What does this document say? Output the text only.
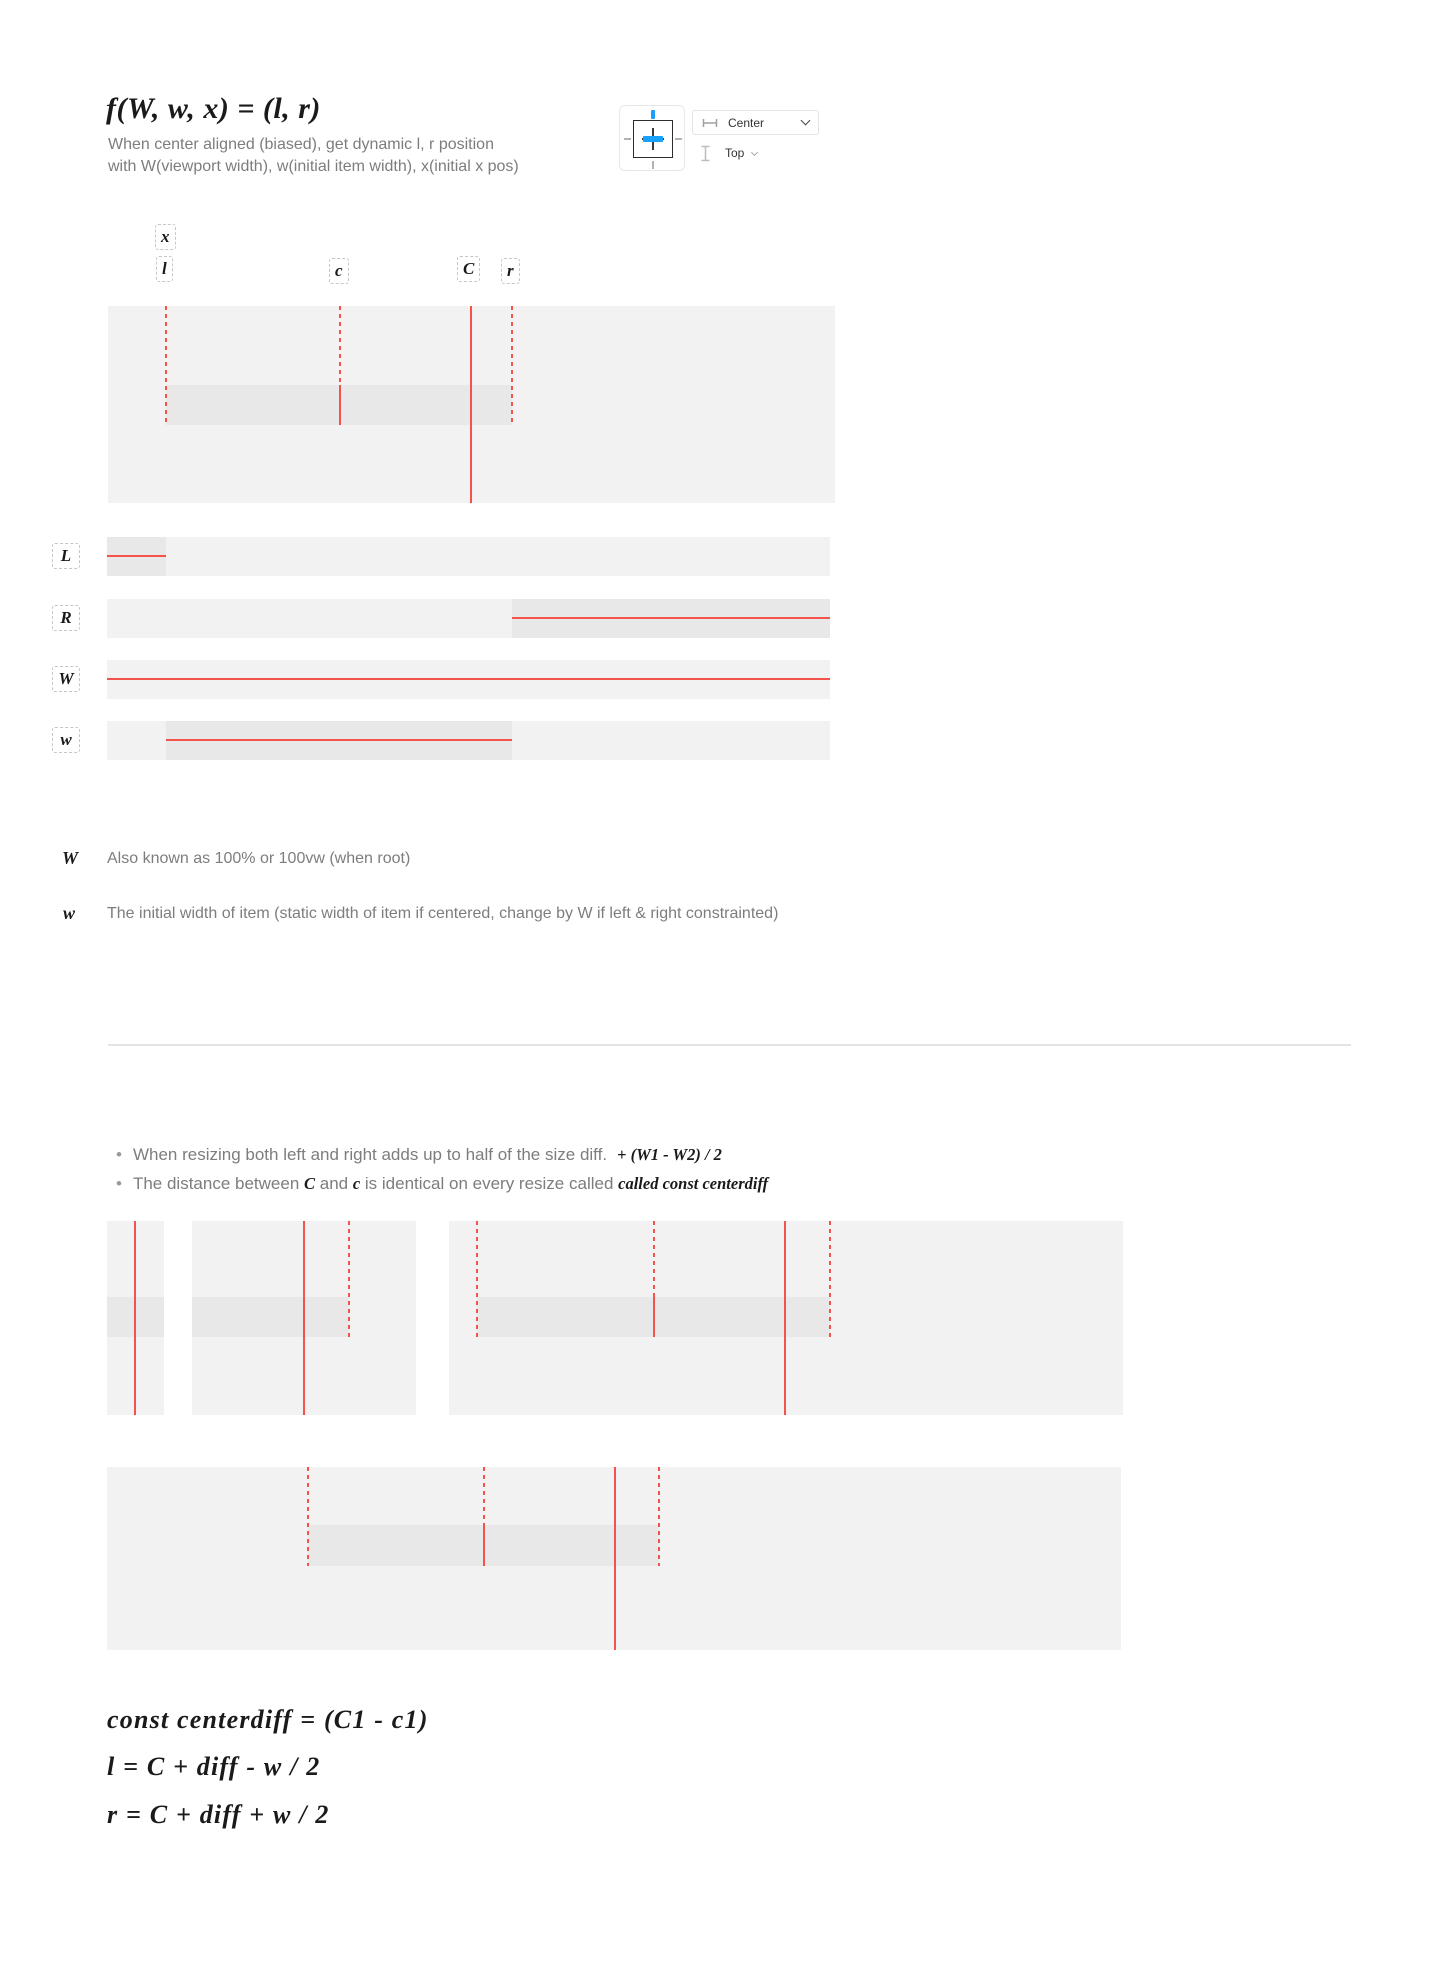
f(W, w, x) = (l, r)
When center aligned (biased), get dynamic l, r position
with W(viewport width), w(initial item width), x(initial x pos)
Center
Top
x
l	c	C	r
L
R
W
w
W Also known as 100% or 100vw (when root)
w The initial width of item (static width of item if centered, change by W if left & right constrainted)
• When resizing both left and right adds up to half of the size diff. + (W1 - W2) / 2
• The distance between C and c is identical on every resize called called const centerdiff
const centerdiff = (C1 - c1)
l = C + diff - w / 2
r = C + diff + w / 2
